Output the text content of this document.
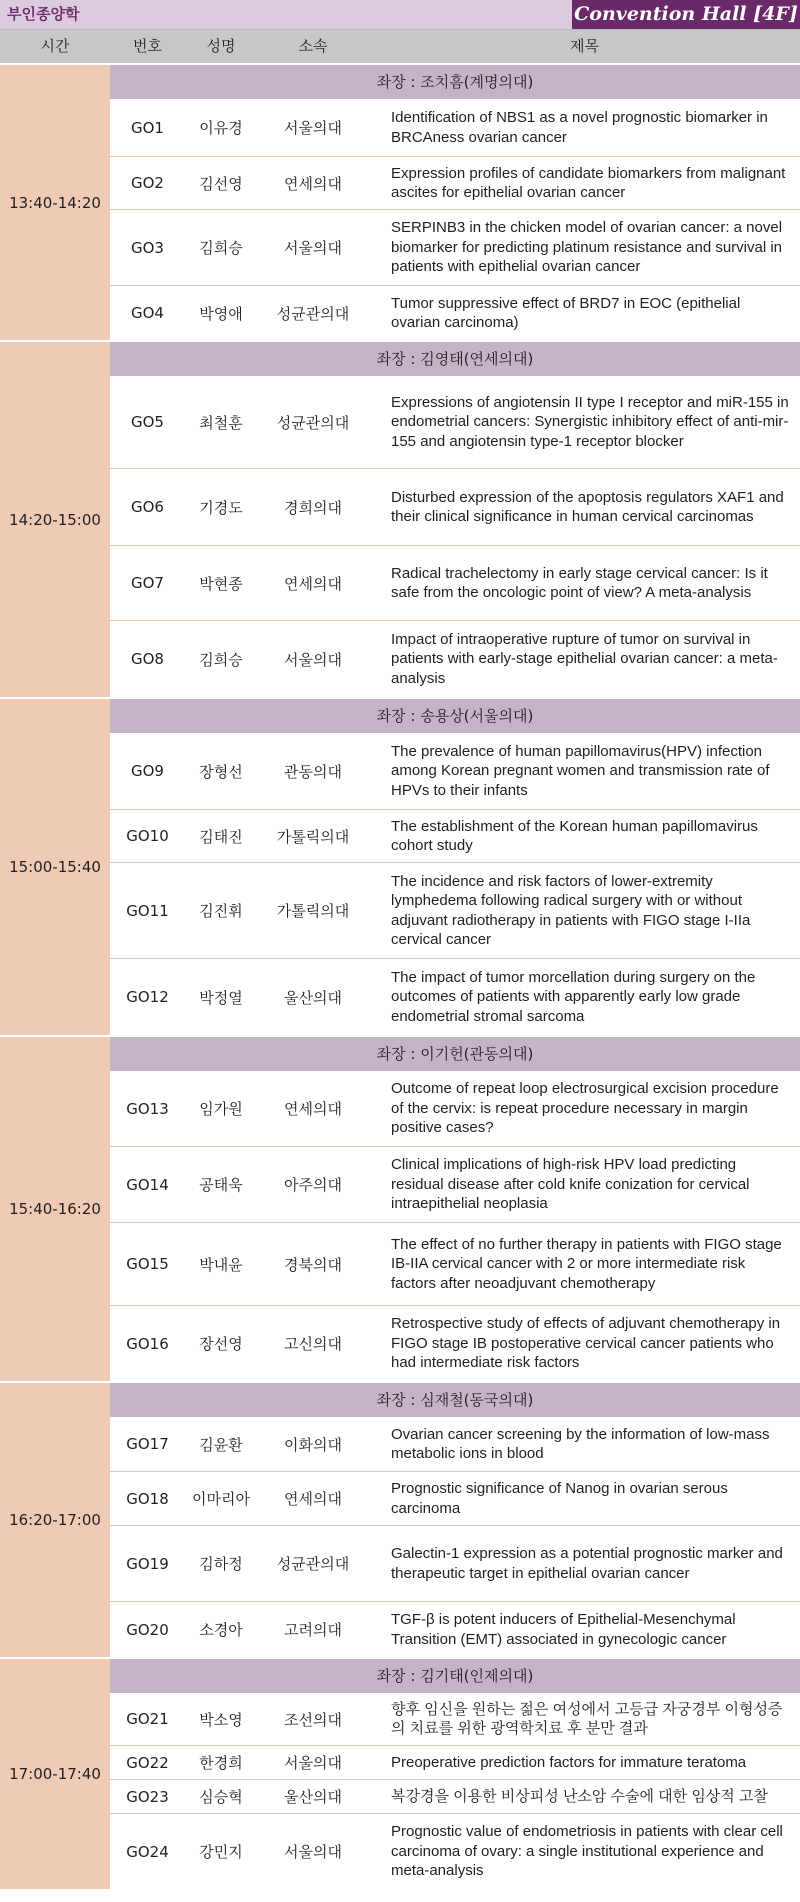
부인종양학	Convention Hall [4F]
시간	번호	성명	소속	제목
13:40-14:20
좌장 : 조치흠(계명의대)
GO1	이유경	서울의대
Identification of NBS1 as a novel prognostic biomarker in BRCAness ovarian cancer
GO2	김선영	연세의대
Expression profiles of candidate biomarkers from malignant ascites for epithelial ovarian cancer
GO3	김희승	서울의대
SERPINB3 in the chicken model of ovarian cancer: a novel biomarker for predicting platinum resistance and survival in patients with epithelial ovarian cancer
GO4	박영애	성균관의대
Tumor suppressive effect of BRD7 in EOC (epithelial ovarian carcinoma)
14:20-15:00
좌장 : 김영태(연세의대)
GO5	최철훈	성균관의대
Expressions of angiotensin II type I receptor and miR-155 in endometrial cancers: Synergistic inhibitory effect of anti-mir-155 and angiotensin type-1 receptor blocker
GO6	기경도	경희의대
Disturbed expression of the apoptosis regulators XAF1 and their clinical significance in human cervical carcinomas
GO7	박현종	연세의대
Radical trachelectomy in early stage cervical cancer: Is it safe from the oncologic point of view? A meta-analysis
GO8	김희승	서울의대
Impact of intraoperative rupture of tumor on survival in patients with early-stage epithelial ovarian cancer: a meta-analysis
15:00-15:40
좌장 : 송용상(서울의대)
GO9	장형선	관동의대
The prevalence of human papillomavirus(HPV) infection among Korean pregnant women and transmission rate of HPVs to their infants
GO10	김태진	가톨릭의대
The establishment of the Korean human papillomavirus cohort study
GO11	김진휘	가톨릭의대
The incidence and risk factors of lower-extremity lymphedema following radical surgery with or without adjuvant radiotherapy in patients with FIGO stage I-IIa cervical cancer
GO12	박정열	울산의대
The impact of tumor morcellation during surgery on the outcomes of patients with apparently early low grade endometrial stromal sarcoma
15:40-16:20
좌장 : 이기헌(관동의대)
GO13	임가원	연세의대
Outcome of repeat loop electrosurgical excision procedure of the cervix: is repeat procedure necessary in margin positive cases?
GO14	공태욱	아주의대
Clinical implications of high-risk HPV load predicting residual disease after cold knife conization for cervical intraepithelial neoplasia
GO15	박내윤	경북의대
The effect of no further therapy in patients with FIGO stage IB-IIA cervical cancer with 2 or more intermediate risk factors after neoadjuvant chemotherapy
GO16	장선영	고신의대
Retrospective study of effects of adjuvant chemotherapy in FIGO stage IB postoperative cervical cancer patients who had intermediate risk factors
16:20-17:00
좌장 : 심재철(동국의대)
GO17	김윤환	이화의대
Ovarian cancer screening by the information of low-mass metabolic ions in blood
GO18	이마리아	연세의대
Prognostic significance of Nanog in ovarian serous carcinoma
GO19	김하정	성균관의대
Galectin-1 expression as a potential prognostic marker and therapeutic target in epithelial ovarian cancer
GO20	소경아	고려의대
TGF-β is potent inducers of Epithelial-Mesenchymal Transition (EMT) associated in gynecologic cancer
17:00-17:40
좌장 : 김기태(인제의대)
GO21	박소영	조선의대
향후 임신을 원하는 젊은 여성에서 고등급 자궁경부 이형성증의 치료를 위한 광역학치료 후 분만 결과
GO22	한경희	서울의대	Preoperative prediction factors for immature teratoma
GO23	심승혁	울산의대	복강경을 이용한 비상피성 난소암 수술에 대한 임상적 고찰
GO24	강민지	서울의대
Prognostic value of endometriosis in patients with clear cell carcinoma of ovary: a single institutional experience and meta-analysis
